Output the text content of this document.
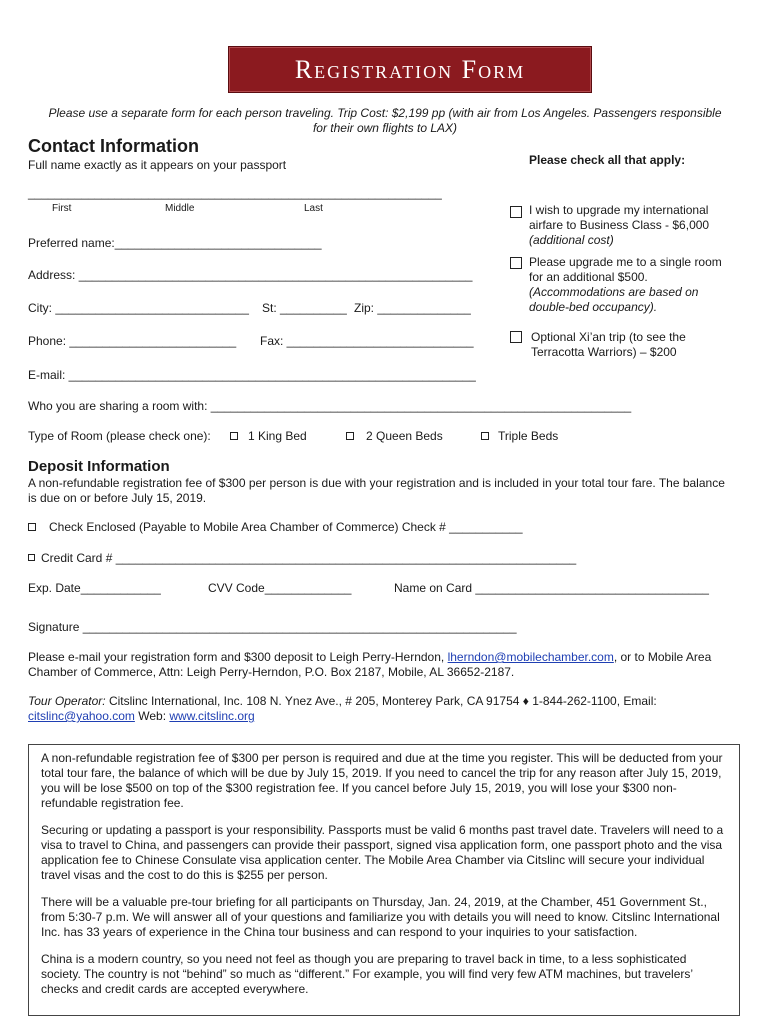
Registration Form
Please use a separate form for each person traveling. Trip Cost: $2,199 pp (with air from Los Angeles. Passengers responsible for their own flights to LAX)
Contact Information
Full name exactly as it appears on your passport
______________________________________________________________
First	Middle	Last
Preferred name:_______________________________
Address: ___________________________________________________________
City: _____________________________ St: __________ Zip: ______________
Phone: _________________________ Fax: ____________________________
E-mail: _____________________________________________________________
Please check all that apply:
I wish to upgrade my international
airfare to Business Class - $6,000
(additional cost)
Please upgrade me to a single room
for an additional $500.
(Accommodations are based on
double-bed occupancy).
Optional Xi’an trip (to see the
Terracotta Warriors) – $200
Who you are sharing a room with: _______________________________________________________________
Type of Room (please check one):	1 King Bed	2 Queen Beds	Triple Beds
Deposit Information
A non-refundable registration fee of $300 per person is due with your registration and is included in your total tour fare. The balance is due on or before July 15, 2019.
Check Enclosed (Payable to Mobile Area Chamber of Commerce) Check # ___________
Credit Card # _____________________________________________________________________
Exp. Date____________	CVV Code_____________	Name on Card ___________________________________
Signature _________________________________________________________________
Please e-mail your registration form and $300 deposit to Leigh Perry-Herndon, lherndon@mobilechamber.com, or to Mobile Area Chamber of Commerce, Attn: Leigh Perry-Herndon, P.O. Box 2187, Mobile, AL 36652-2187.
Tour Operator: Citslinc International, Inc. 108 N. Ynez Ave., # 205, Monterey Park, CA 91754 ♦ 1-844-262-1100, Email: citslinc@yahoo.com Web: www.citslinc.org

A non-refundable registration fee of $300 per person is required and due at the time you register. This will be deducted from your total tour fare, the balance of which will be due by July 15, 2019. If you need to cancel the trip for any reason after July 15, 2019, you will be lose $500 on top of the $300 registration fee. If you cancel before July 15, 2019, you will lose your $300 non-refundable registration fee.

Securing or updating a passport is your responsibility. Passports must be valid 6 months past travel date. Travelers will need to a visa to travel to China, and passengers can provide their passport, signed visa application form, one passport photo and the visa application fee to Chinese Consulate visa application center. The Mobile Area Chamber via Citslinc will secure your individual travel visas and the cost to do this is $255 per person.

There will be a valuable pre-tour briefing for all participants on Thursday, Jan. 24, 2019, at the Chamber, 451 Government St., from 5:30-7 p.m. We will answer all of your questions and familiarize you with details you will need to know. Citslinc International Inc. has 33 years of experience in the China tour business and can respond to your inquiries to your satisfaction.

China is a modern country, so you need not feel as though you are preparing to travel back in time, to a less sophisticated society. The country is not “behind” so much as “different.” For example, you will find very few ATM machines, but travelers’ checks and credit cards are accepted everywhere.
